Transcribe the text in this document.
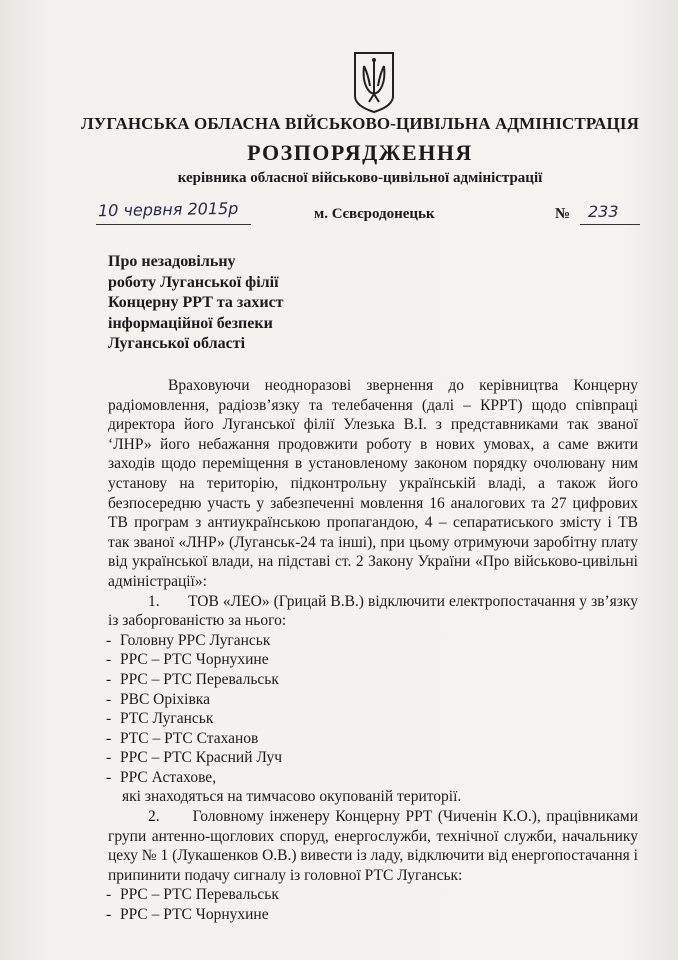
ЛУГАНСЬКА ОБЛАСНА ВІЙСЬКОВО-ЦИВІЛЬНА АДМІНІСТРАЦІЯ
РОЗПОРЯДЖЕННЯ
керівника обласної військово-цивільної адміністрації
10 червня 2015р	м. Сєвєродонецьк	№ 233
Про незадовільну
роботу Луганської філії
Концерну РРТ та захист
інформаційної безпеки
Луганської області

Враховуючи неодноразові звернення до керівництва Концерну радіомовлення, радіозв’язку та телебачення (далі – КРРТ) щодо співпраці директора його Луганської філії Улезька В.І. з представниками так званої ‘ЛНР» його небажання продовжити роботу в нових умовах, а саме вжити заходів щодо переміщення в установленому законом порядку очолювану ним установу на територію, підконтрольну українській владі, а також його безпосередню участь у забезпеченні мовлення 16 аналогових та 27 цифрових ТВ програм з антиукраїнською пропагандою, 4 – сепаратиського змісту і ТВ так званої «ЛНР» (Луганськ-24 та інші), при цьому отримуючи заробітну плату від української влади, на підставі ст. 2 Закону України «Про військово-цивільні адміністрації»:

1.       ТОВ «ЛЕО» (Грицай В.В.) відключити електропостачання у зв’язку із заборгованістю за нього:

- Головну РРС Луганськ
- РРС – РТС Чорнухине
- РРС – РТС Перевальськ
- РВС Оріхівка
- РТС Луганськ
- РТС – РТС Стаханов
- РРС – РТС Красний Луч
- РРС Астахове,

які знаходяться на тимчасово окупованій території.

2.      Головному інженеру Концерну РРТ (Чиченін К.О.), працівниками групи антенно-щоглових споруд, енергослужби, технічної служби, начальнику цеху № 1 (Лукашенков О.В.) вивести із ладу, відключити від енергопостачання і припинити подачу сигналу із головної РТС Луганськ:

- РРС – РТС Перевальськ
- РРС – РТС Чорнухине
